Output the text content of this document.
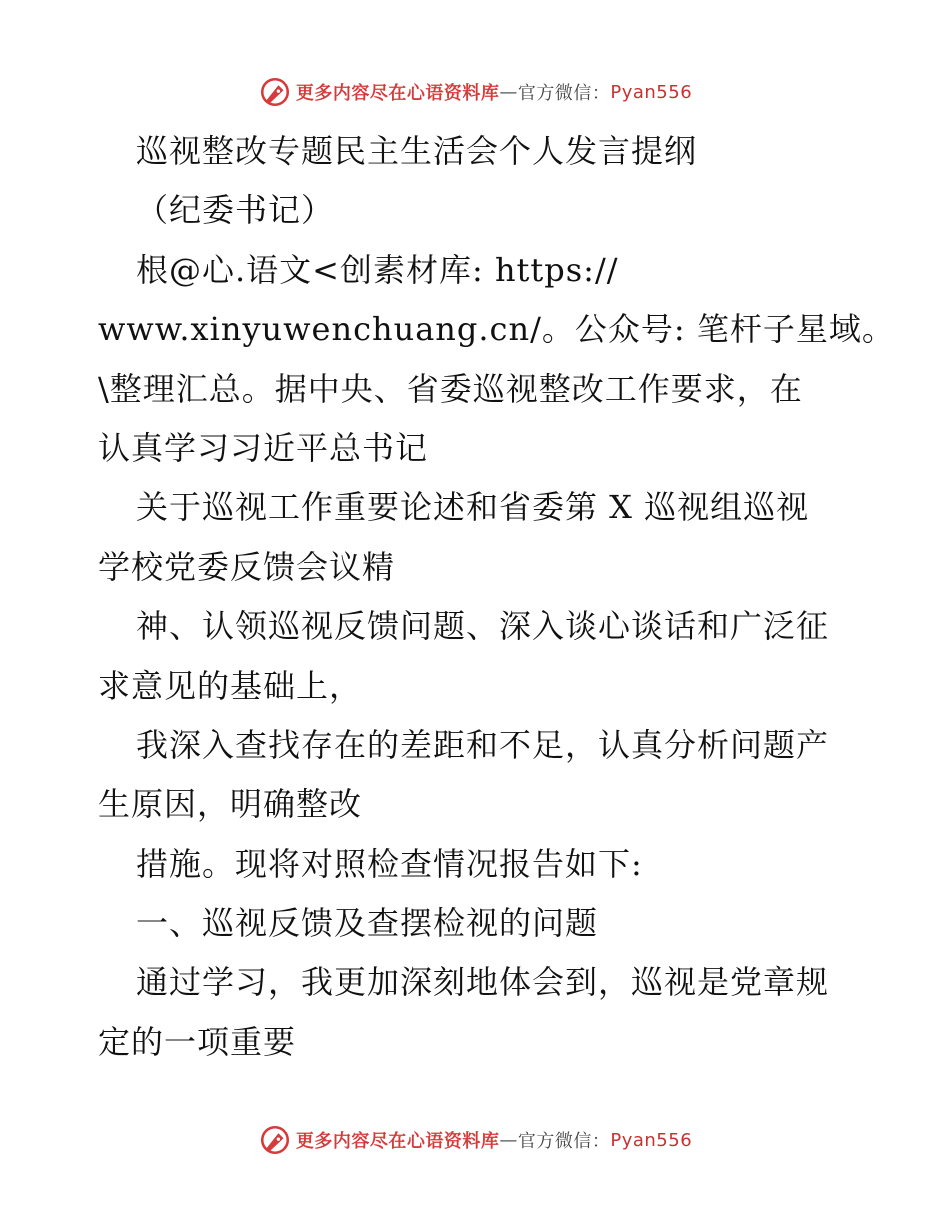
更多内容尽在心语资料库 — 官方微信： Pyan556
巡视整改专题民主生活会个人发言提纲
（纪委书记）
根@心.语文<创素材库: https://
www.xinyuwenchuang.cn/。公众号: 笔杆子星域。
\整理汇总。据中央、省委巡视整改工作要求，在
认真学习习近平总书记
关于巡视工作重要论述和省委第 X 巡视组巡视
学校党委反馈会议精
神、认领巡视反馈问题、深入谈心谈话和广泛征
求意见的基础上，
我深入查找存在的差距和不足，认真分析问题产
生原因，明确整改
措施。现将对照检查情况报告如下:
一、巡视反馈及查摆检视的问题
通过学习，我更加深刻地体会到，巡视是党章规
定的一项重要
更多内容尽在心语资料库 — 官方微信： Pyan556
